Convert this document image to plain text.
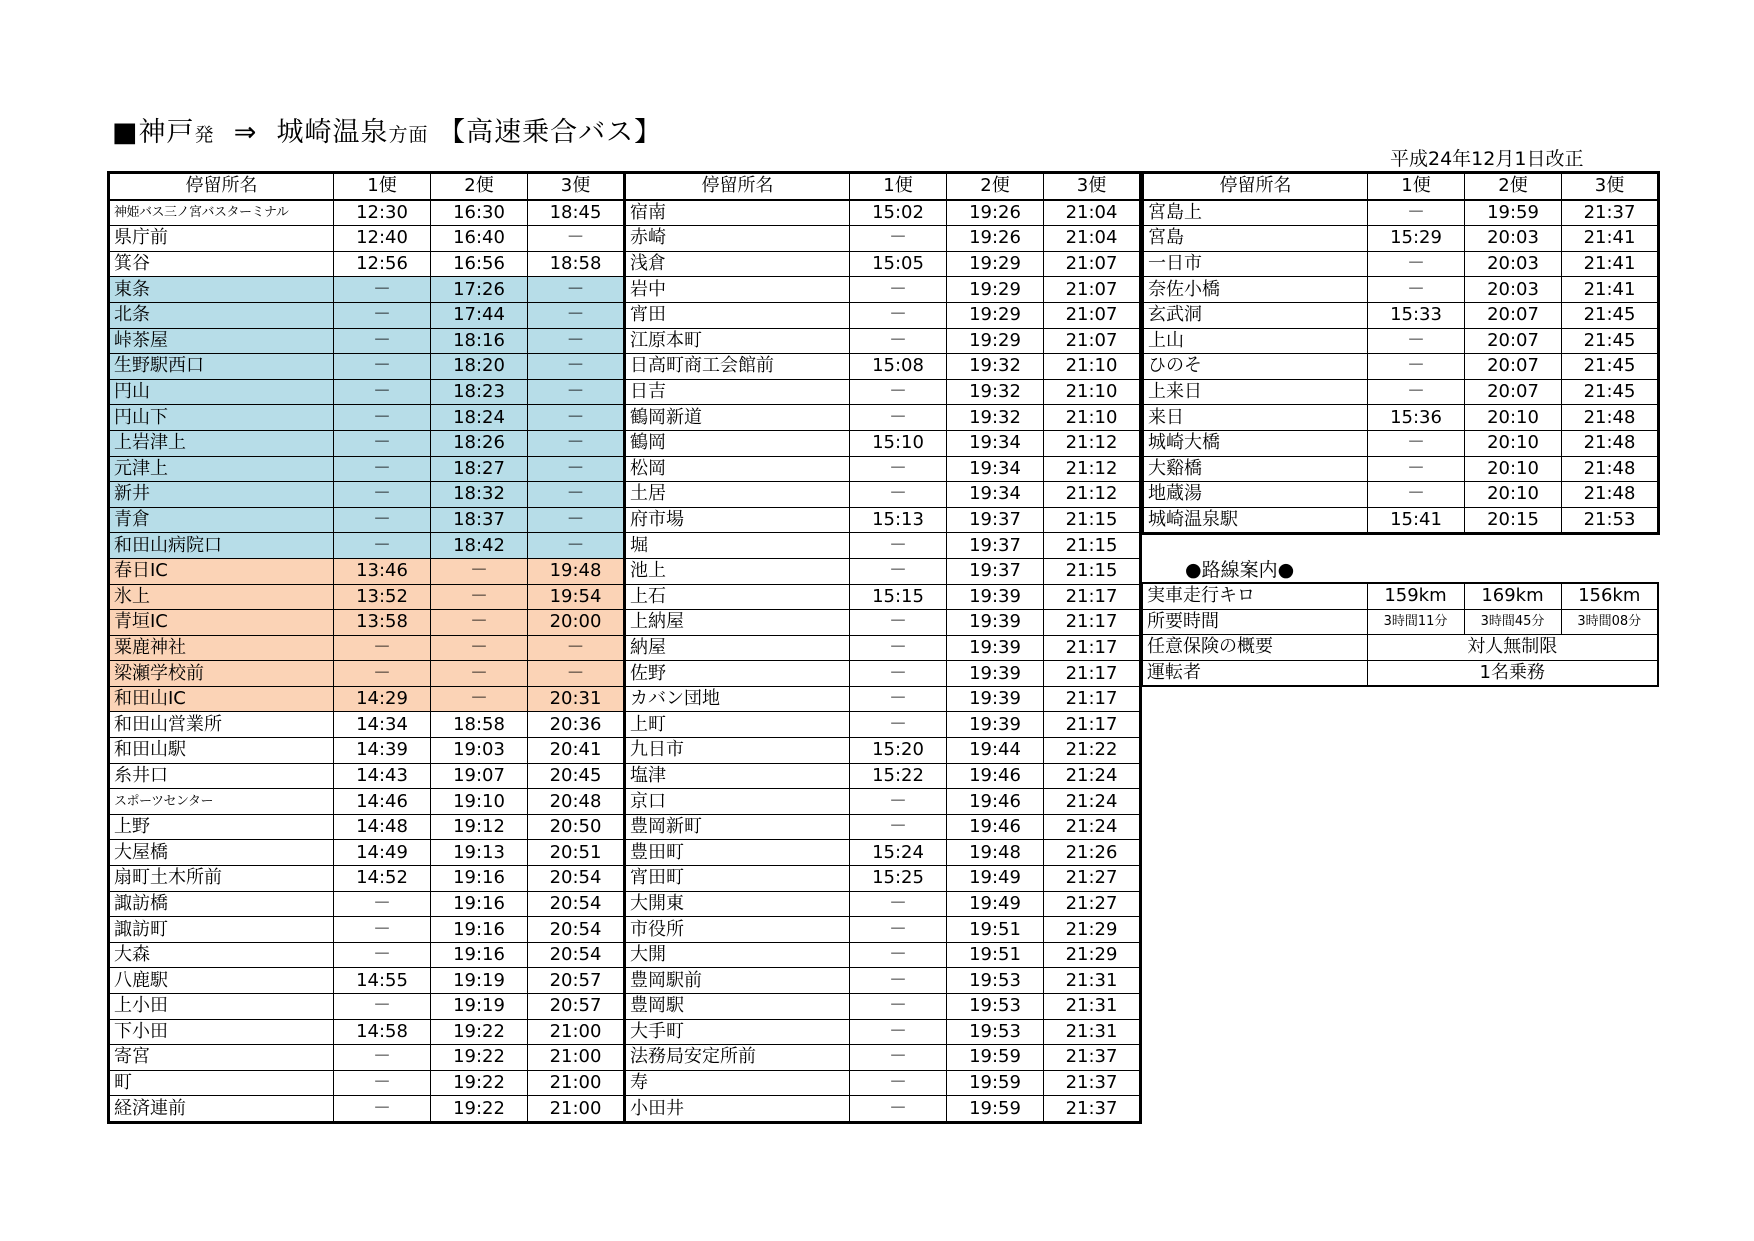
■神戸発 ⇒ 城崎温泉方面 【高速乗合バス】
平成24年12月1日改正
停留所名	1便	2便	3便	停留所名	1便	2便	3便
神姫バス三ノ宮バスターミナル	12:30	16:30	18:45	宿南	15:02	19:26	21:04
県庁前	12:40	16:40	－	赤崎	－	19:26	21:04
箕谷	12:56	16:56	18:58	浅倉	15:05	19:29	21:07
東条	－	17:26	－	岩中	－	19:29	21:07
北条	－	17:44	－	宵田	－	19:29	21:07
峠茶屋	－	18:16	－	江原本町	－	19:29	21:07
生野駅西口	－	18:20	－	日高町商工会館前	15:08	19:32	21:10
円山	－	18:23	－	日吉	－	19:32	21:10
円山下	－	18:24	－	鶴岡新道	－	19:32	21:10
上岩津上	－	18:26	－	鶴岡	15:10	19:34	21:12
元津上	－	18:27	－	松岡	－	19:34	21:12
新井	－	18:32	－	土居	－	19:34	21:12
青倉	－	18:37	－	府市場	15:13	19:37	21:15
和田山病院口	－	18:42	－	堀	－	19:37	21:15
春日IC	13:46	－	19:48	池上	－	19:37	21:15
氷上	13:52	－	19:54	上石	15:15	19:39	21:17
青垣IC	13:58	－	20:00	上納屋	－	19:39	21:17
粟鹿神社	－	－	－	納屋	－	19:39	21:17
梁瀬学校前	－	－	－	佐野	－	19:39	21:17
和田山IC	14:29	－	20:31	カバン団地	－	19:39	21:17
和田山営業所	14:34	18:58	20:36	上町	－	19:39	21:17
和田山駅	14:39	19:03	20:41	九日市	15:20	19:44	21:22
糸井口	14:43	19:07	20:45	塩津	15:22	19:46	21:24
スポーツセンター	14:46	19:10	20:48	京口	－	19:46	21:24
上野	14:48	19:12	20:50	豊岡新町	－	19:46	21:24
大屋橋	14:49	19:13	20:51	豊田町	15:24	19:48	21:26
扇町土木所前	14:52	19:16	20:54	宵田町	15:25	19:49	21:27
諏訪橋	－	19:16	20:54	大開東	－	19:49	21:27
諏訪町	－	19:16	20:54	市役所	－	19:51	21:29
大森	－	19:16	20:54	大開	－	19:51	21:29
八鹿駅	14:55	19:19	20:57	豊岡駅前	－	19:53	21:31
上小田	－	19:19	20:57	豊岡駅	－	19:53	21:31
下小田	14:58	19:22	21:00	大手町	－	19:53	21:31
寄宮	－	19:22	21:00	法務局安定所前	－	19:59	21:37
町	－	19:22	21:00	寿	－	19:59	21:37
経済連前	－	19:22	21:00	小田井	－	19:59	21:37
停留所名	1便	2便	3便
宮島上	－	19:59	21:37
宮島	15:29	20:03	21:41
一日市	－	20:03	21:41
奈佐小橋	－	20:03	21:41
玄武洞	15:33	20:07	21:45
上山	－	20:07	21:45
ひのそ	－	20:07	21:45
上来日	－	20:07	21:45
来日	15:36	20:10	21:48
城崎大橋	－	20:10	21:48
大谿橋	－	20:10	21:48
地蔵湯	－	20:10	21:48
城崎温泉駅	15:41	20:15	21:53
●路線案内●
実車走行キロ	159km	169km	156km
所要時間	3時間11分	3時間45分	3時間08分
任意保険の概要	対人無制限		
運転者	1名乗務		
